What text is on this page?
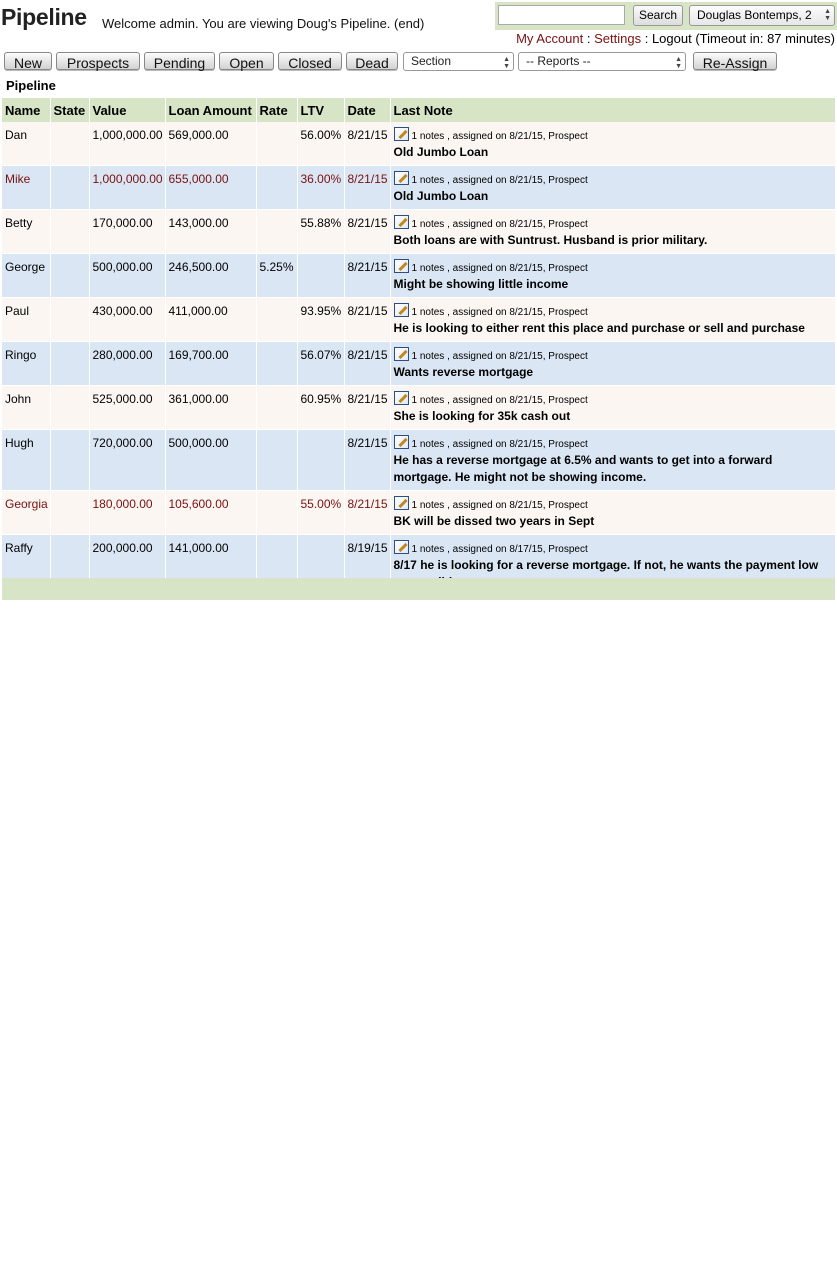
Pipeline Welcome admin. You are viewing Doug's Pipeline. (end)
Search	Douglas Bontemps, 2 ▲
▼
My Account : Settings : Logout (Timeout in: 87 minutes)
New	Prospects	Pending	Open	Closed	Dead	Section	▲
▼	-- Reports --	▲
▼	Re-Assign
Pipeline
Name	State	Value	Loan Amount	Rate	LTV	Date	Last Note
Dan		1,000,000.00	569,000.00		56.00%	8/21/15	1 notes , assigned on 8/21/15, Prospect
Old Jumbo Loan

Mike		1,000,000.00	655,000.00		36.00%	8/21/15	1 notes , assigned on 8/21/15, Prospect
Old Jumbo Loan

Betty		170,000.00	143,000.00		55.88%	8/21/15	1 notes , assigned on 8/21/15, Prospect
Both loans are with Suntrust. Husband is prior military.

George		500,000.00	246,500.00	5.25%		8/21/15	1 notes , assigned on 8/21/15, Prospect
Might be showing little income

Paul		430,000.00	411,000.00		93.95%	8/21/15	1 notes , assigned on 8/21/15, Prospect
He is looking to either rent this place and purchase or sell and purchase

Ringo		280,000.00	169,700.00		56.07%	8/21/15	1 notes , assigned on 8/21/15, Prospect
Wants reverse mortgage

John		525,000.00	361,000.00		60.95%	8/21/15	1 notes , assigned on 8/21/15, Prospect
She is looking for 35k cash out

Hugh		720,000.00	500,000.00			8/21/15	1 notes , assigned on 8/21/15, Prospect
He has a reverse mortgage at 6.5% and wants to get into a forward mortgage. He might not be showing income.

Georgia		180,000.00	105,600.00		55.00%	8/21/15	1 notes , assigned on 8/21/15, Prospect
BK will be dissed two years in Sept

Raffy		200,000.00	141,000.00			8/19/15	1 notes , assigned on 8/17/15, Prospect
8/17 he is looking for a reverse mortgage. If not, he wants the payment low
